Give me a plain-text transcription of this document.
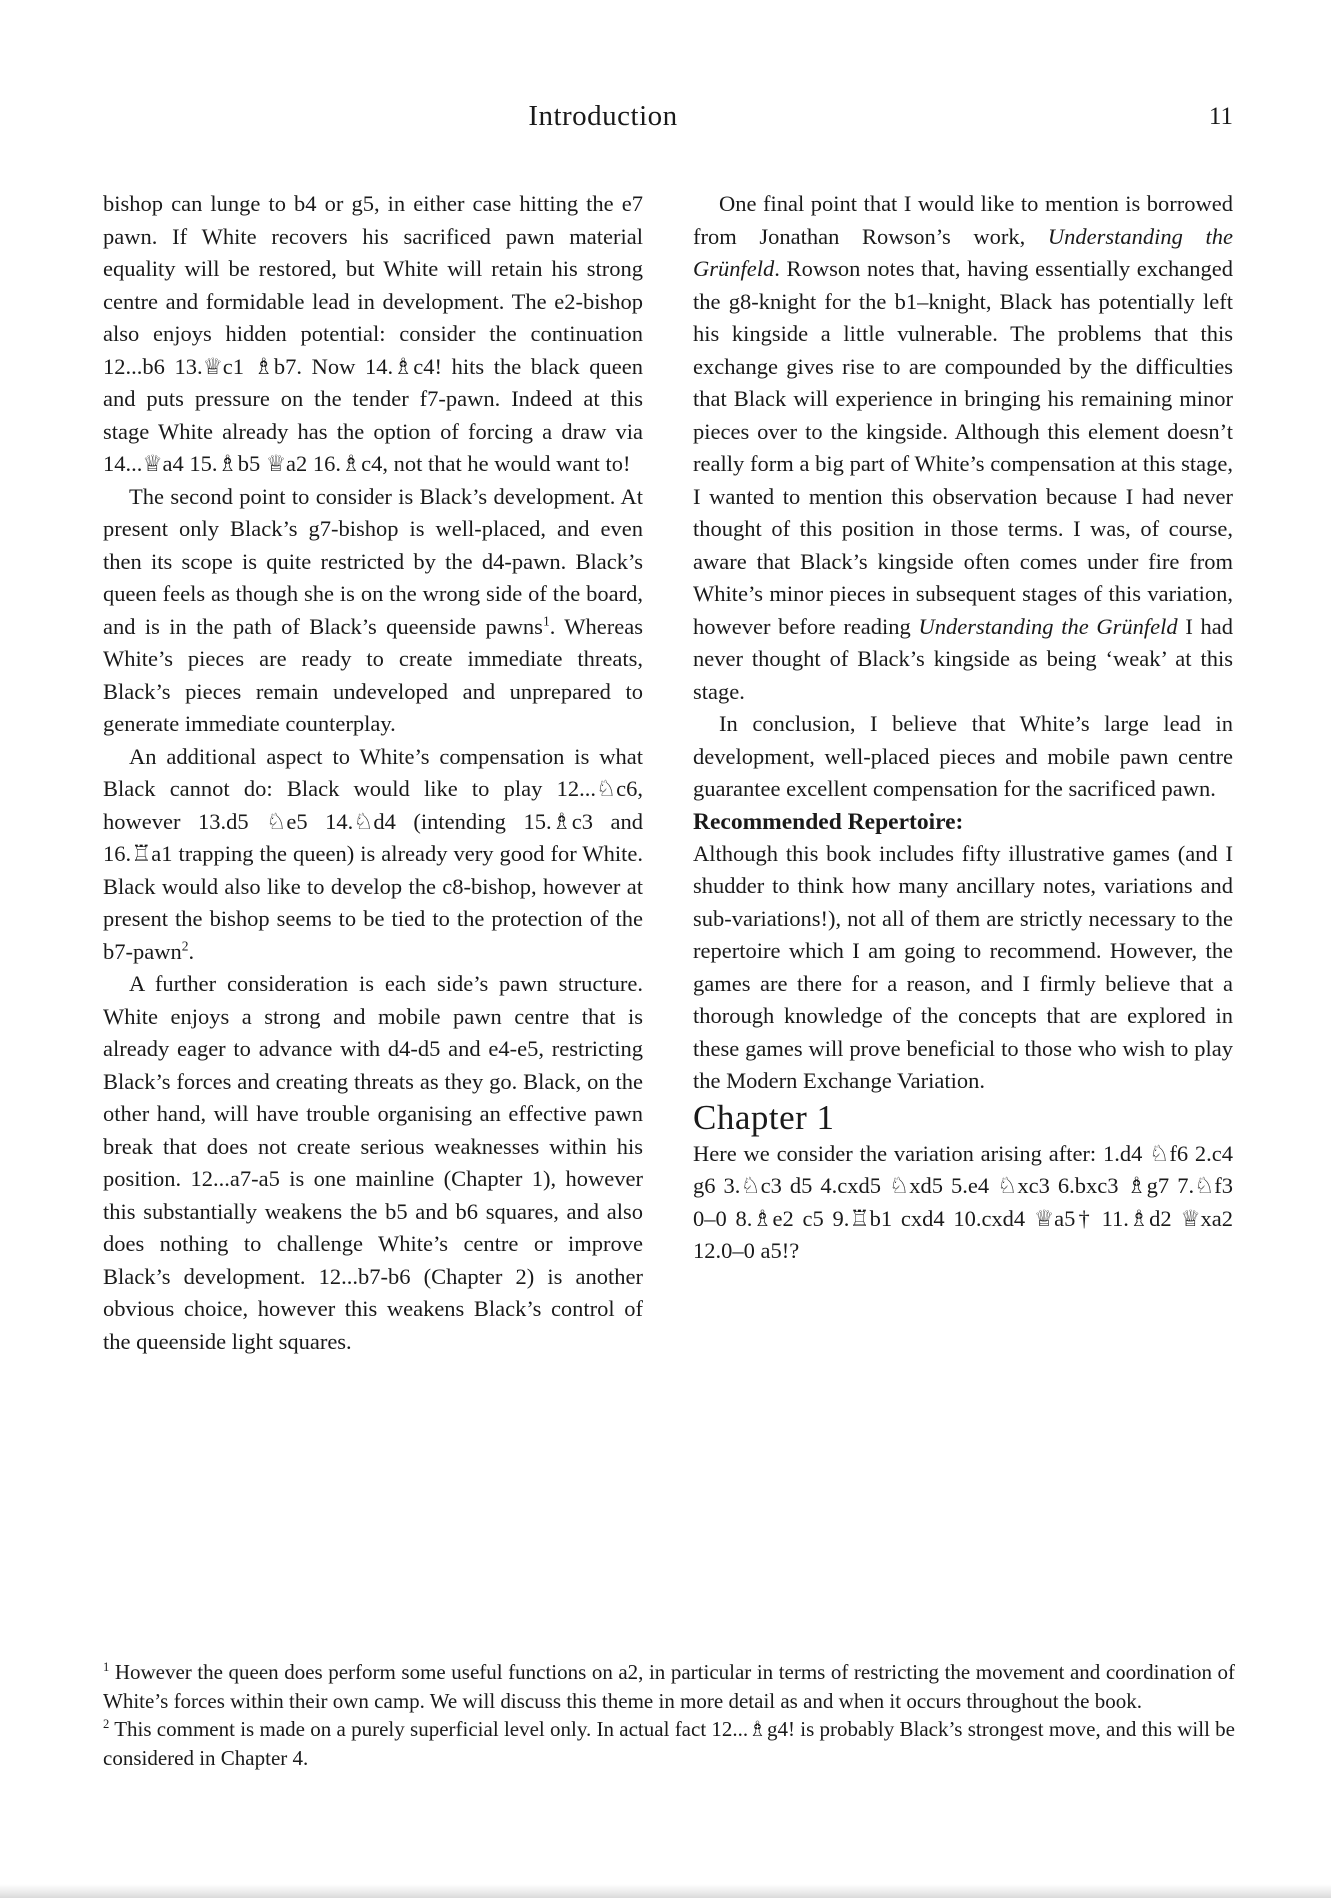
Introduction	11

bishop can lunge to b4 or g5, in either case hitting the e7 pawn. If White recovers his sacrificed pawn material equality will be restored, but White will retain his strong centre and formidable lead in development. The e2-bishop also enjoys hidden potential: consider the continuation 12...b6 13.♕c1 ♗b7. Now 14.♗c4! hits the black queen and puts pressure on the tender f7-pawn. Indeed at this stage White already has the option of forcing a draw via 14...♕a4 15.♗b5 ♕a2 16.♗c4, not that he would want to!

The second point to consider is Black’s development. At present only Black’s g7-bishop is well-placed, and even then its scope is quite restricted by the d4-pawn. Black’s queen feels as though she is on the wrong side of the board, and is in the path of Black’s queenside pawns$^1$. Whereas White’s pieces are ready to create immediate threats, Black’s pieces remain undeveloped and unprepared to generate immediate counterplay.

An additional aspect to White’s compensation is what Black cannot do: Black would like to play 12...♘c6, however 13.d5 ♘e5 14.♘d4 (intending 15.♗c3 and 16.♖a1 trapping the queen) is already very good for White. Black would also like to develop the c8-bishop, however at present the bishop seems to be tied to the protection of the b7-pawn$^2$.

A further consideration is each side’s pawn structure. White enjoys a strong and mobile pawn centre that is already eager to advance with d4-d5 and e4-e5, restricting Black’s forces and creating threats as they go. Black, on the other hand, will have trouble organising an effective pawn break that does not create serious weaknesses within his position. 12...a7-a5 is one mainline (Chapter 1), however this substantially weakens the b5 and b6 squares, and also does nothing to challenge White’s centre or improve Black’s development. 12...b7-b6 (Chapter 2) is another obvious choice, however this weakens Black’s control of the queenside light squares.

One final point that I would like to mention is borrowed from Jonathan Rowson’s work, Understanding the Grünfeld. Rowson notes that, having essentially exchanged the g8-knight for the b1–knight, Black has potentially left his kingside a little vulnerable. The problems that this exchange gives rise to are compounded by the difficulties that Black will experience in bringing his remaining minor pieces over to the kingside. Although this element doesn’t really form a big part of White’s compensation at this stage, I wanted to mention this observation because I had never thought of this position in those terms. I was, of course, aware that Black’s kingside often comes under fire from White’s minor pieces in subsequent stages of this variation, however before reading Understanding the Grünfeld I had never thought of Black’s kingside as being ‘weak’ at this stage.

In conclusion, I believe that White’s large lead in development, well-placed pieces and mobile pawn centre guarantee excellent compensation for the sacrificed pawn.

Recommended Repertoire:

Although this book includes fifty illustrative games (and I shudder to think how many ancillary notes, variations and sub-variations!), not all of them are strictly necessary to the repertoire which I am going to recommend. However, the games are there for a reason, and I firmly believe that a thorough knowledge of the concepts that are explored in these games will prove beneficial to those who wish to play the Modern Exchange Variation.

Chapter 1

Here we consider the variation arising after: 1.d4 ♘f6 2.c4 g6 3.♘c3 d5 4.cxd5 ♘xd5 5.e4 ♘xc3 6.bxc3 ♗g7 7.♘f3 0–0 8.♗e2 c5 9.♖b1 cxd4 10.cxd4 ♕a5† 11.♗d2 ♕xa2 12.0–0 a5!?

$^1$ However the queen does perform some useful functions on a2, in particular in terms of restricting the movement and coordination of White’s forces within their own camp. We will discuss this theme in more detail as and when it occurs throughout the book.

$^2$ This comment is made on a purely superficial level only. In actual fact 12...♗g4! is probably Black’s strongest move, and this will be considered in Chapter 4.
